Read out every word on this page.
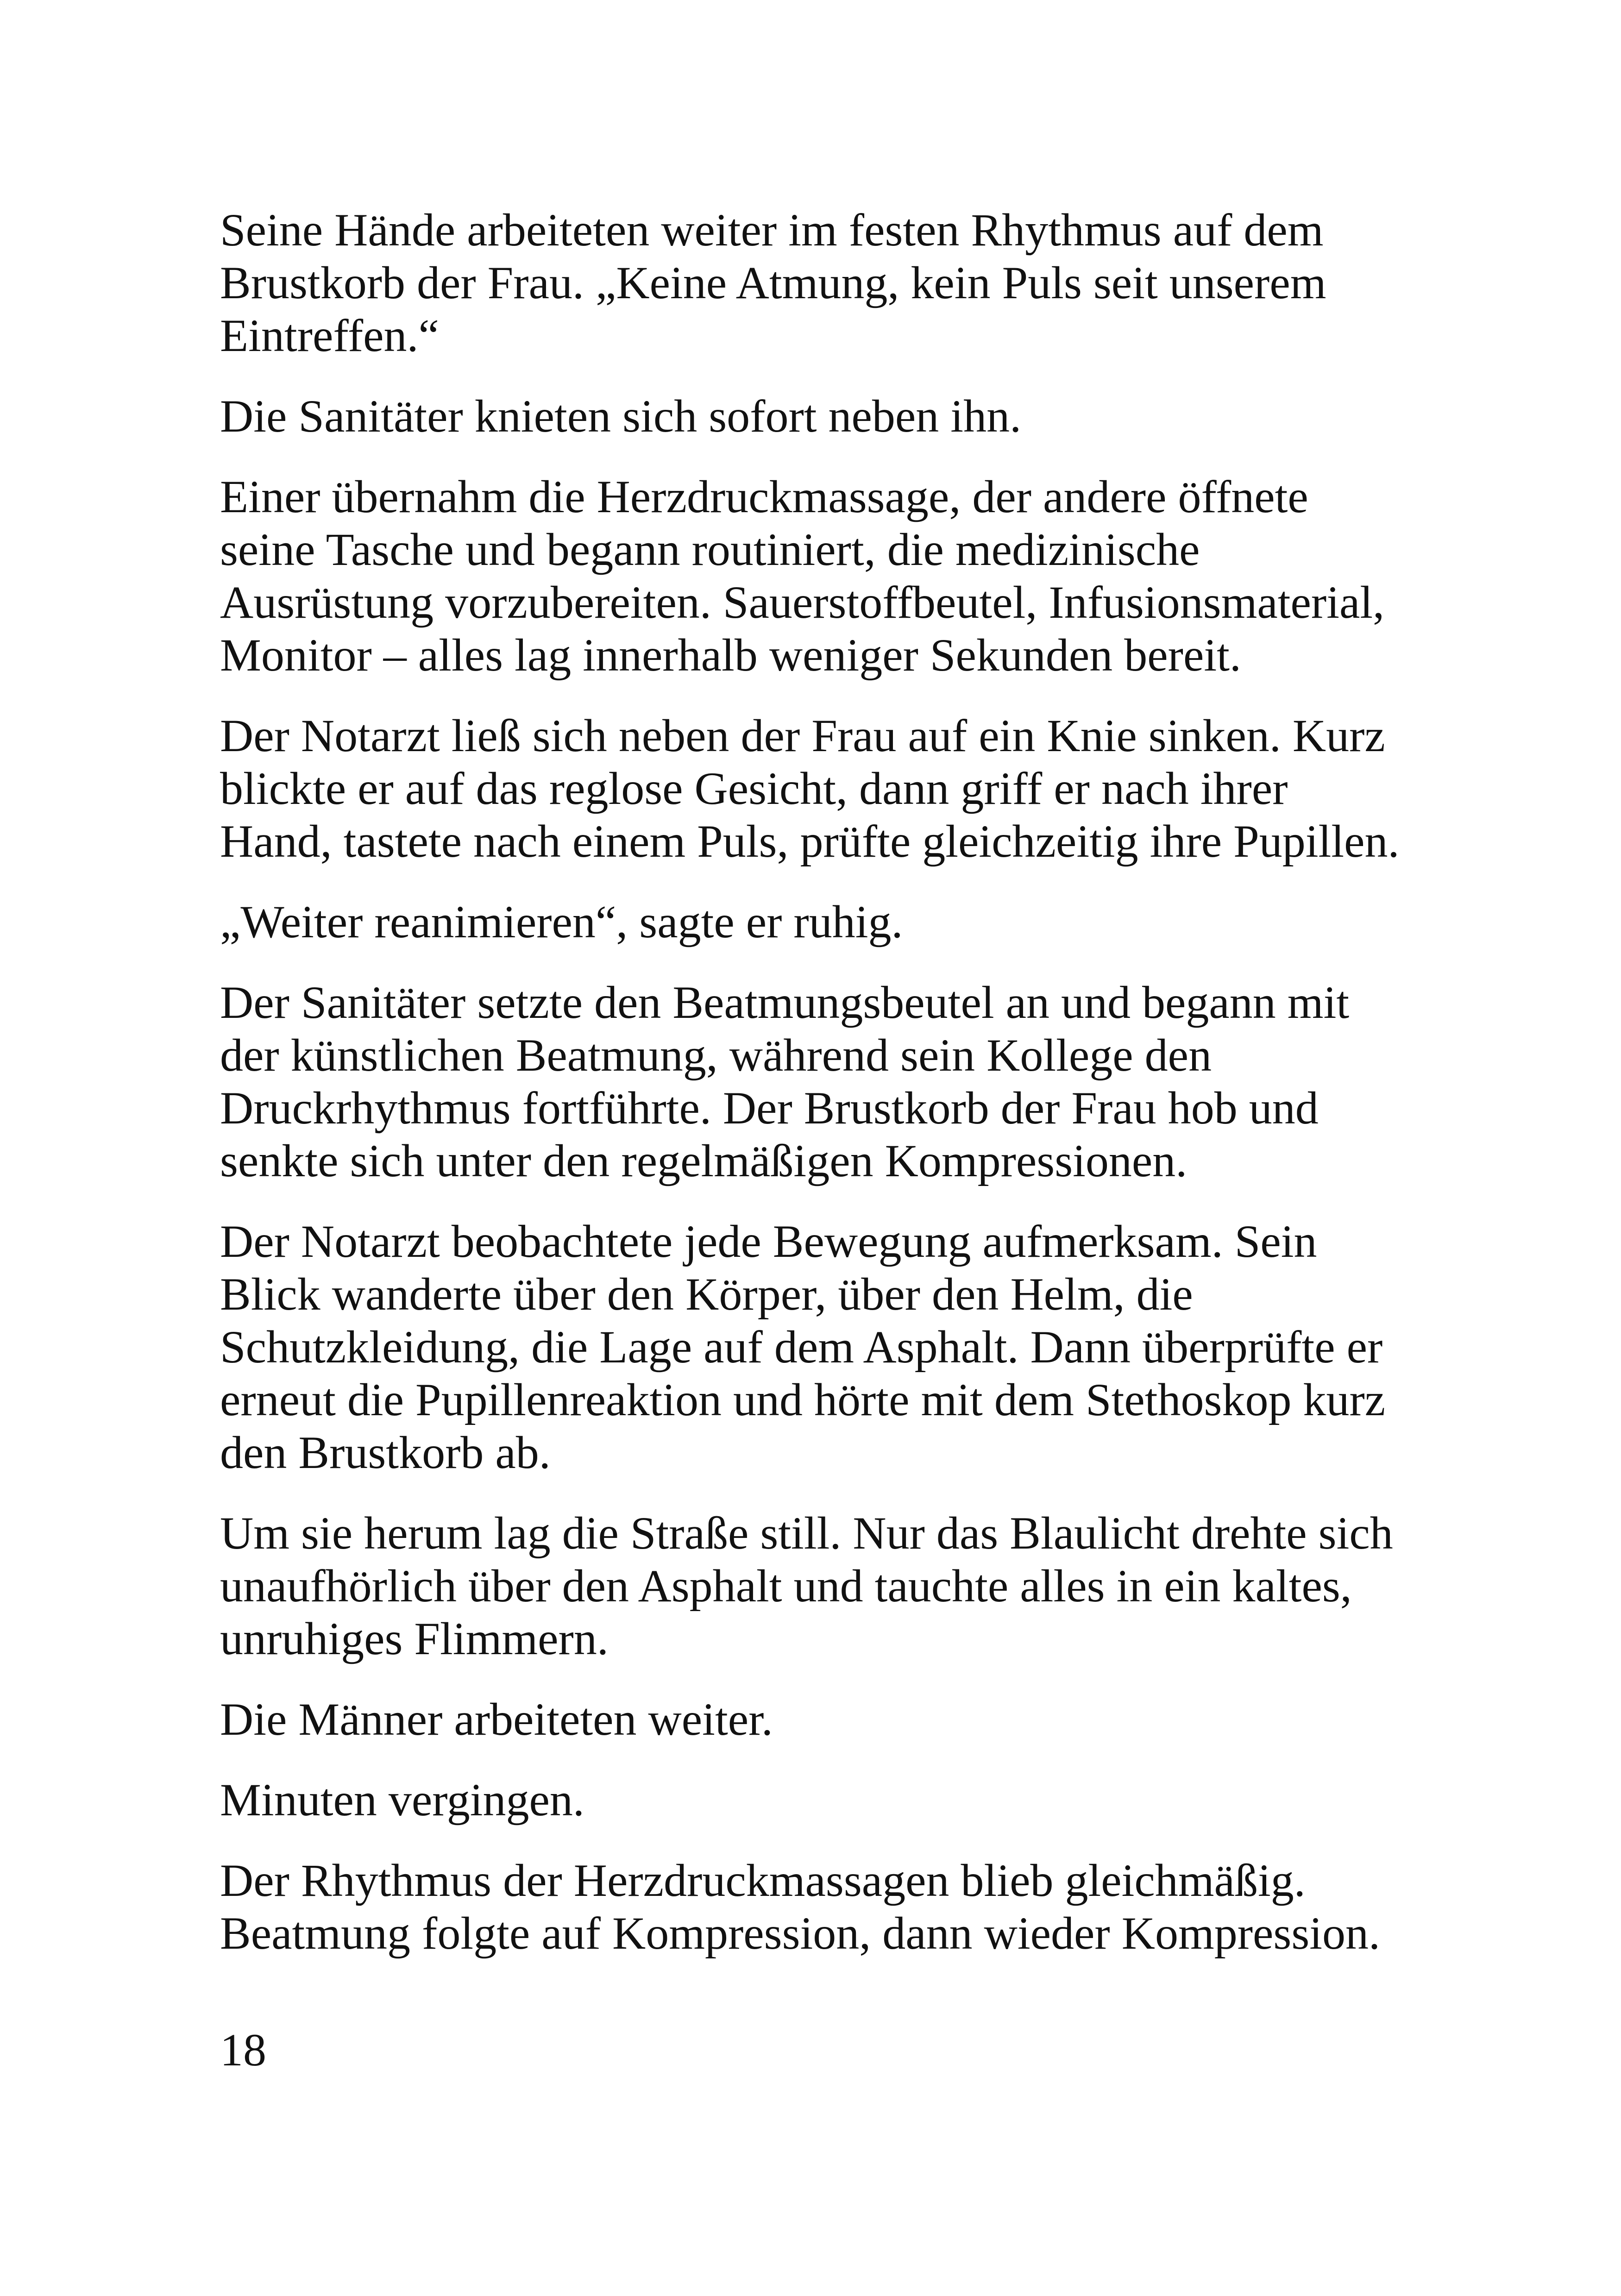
Seine Hände arbeiteten weiter im festen Rhythmus auf dem
Brustkorb der Frau. „Keine Atmung, kein Puls seit unserem
Eintreffen.“

Die Sanitäter knieten sich sofort neben ihn.

Einer übernahm die Herzdruckmassage, der andere öffnete
seine Tasche und begann routiniert, die medizinische
Ausrüstung vorzubereiten. Sauerstoffbeutel, Infusionsmaterial,
Monitor – alles lag innerhalb weniger Sekunden bereit.

Der Notarzt ließ sich neben der Frau auf ein Knie sinken. Kurz
blickte er auf das reglose Gesicht, dann griff er nach ihrer
Hand, tastete nach einem Puls, prüfte gleichzeitig ihre Pupillen.

„Weiter reanimieren“, sagte er ruhig.

Der Sanitäter setzte den Beatmungsbeutel an und begann mit
der künstlichen Beatmung, während sein Kollege den
Druckrhythmus fortführte. Der Brustkorb der Frau hob und
senkte sich unter den regelmäßigen Kompressionen.

Der Notarzt beobachtete jede Bewegung aufmerksam. Sein
Blick wanderte über den Körper, über den Helm, die
Schutzkleidung, die Lage auf dem Asphalt. Dann überprüfte er
erneut die Pupillenreaktion und hörte mit dem Stethoskop kurz
den Brustkorb ab.

Um sie herum lag die Straße still. Nur das Blaulicht drehte sich
unaufhörlich über den Asphalt und tauchte alles in ein kaltes,
unruhiges Flimmern.

Die Männer arbeiteten weiter.

Minuten vergingen.

Der Rhythmus der Herzdruckmassagen blieb gleichmäßig.
Beatmung folgte auf Kompression, dann wieder Kompression.

18
